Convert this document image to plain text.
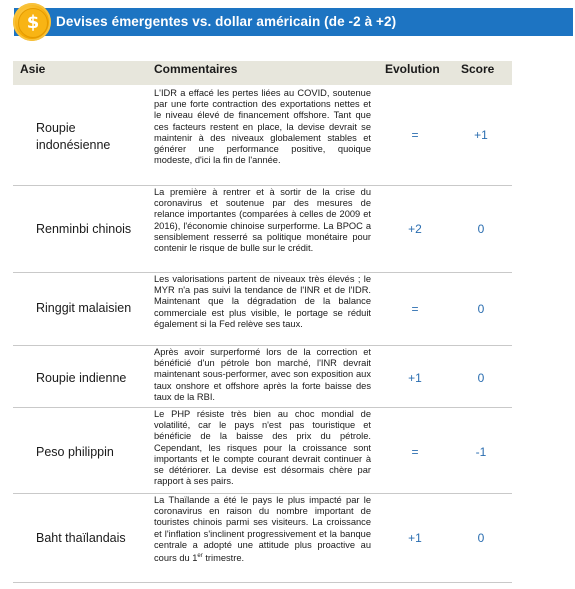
Devises émergentes vs. dollar américain (de -2 à +2)
$
Asie	Commentaires	Evolution Score
Roupie indonésienne
L'IDR a effacé les pertes liées au COVID, soutenue par une forte contraction des exportations nettes et le niveau élevé de financement offshore. Tant que ces facteurs restent en place, la devise devrait se maintenir à des niveaux globalement stables et générer une performance positive, quoique modeste, d'ici la fin de l'année.
=	+1
Renminbi chinois
La première à rentrer et à sortir de la crise du coronavirus et soutenue par des mesures de relance importantes (comparées à celles de 2009 et 2016), l'économie chinoise surperforme. La BPOC a sensiblement resserré sa politique monétaire pour contenir le risque de bulle sur le crédit.
+2	0
Ringgit malaisien
Les valorisations partent de niveaux très élevés ; le MYR n'a pas suivi la tendance de l'INR et de l'IDR. Maintenant que la dégradation de la balance commerciale est plus visible, le portage se réduit également si la Fed relève ses taux.
=	0
Roupie indienne
Après avoir surperformé lors de la correction et bénéficié d'un pétrole bon marché, l'INR devrait maintenant sous-performer, avec son exposition aux taux onshore et offshore après la forte baisse des taux de la RBI.
+1	0
Peso philippin
Le PHP résiste très bien au choc mondial de volatilité, car le pays n'est pas touristique et bénéficie de la baisse des prix du pétrole. Cependant, les risques pour la croissance sont importants et le compte courant devrait continuer à se détériorer. La devise est désormais chère par rapport à ses pairs.
=	-1
Baht thaïlandais
La Thaïlande a été le pays le plus impacté par le coronavirus en raison du nombre important de touristes chinois parmi ses visiteurs. La croissance et l'inflation s'inclinent progressivement et la banque centrale a adopté une attitude plus proactive au cours du 1er trimestre.
+1	0
